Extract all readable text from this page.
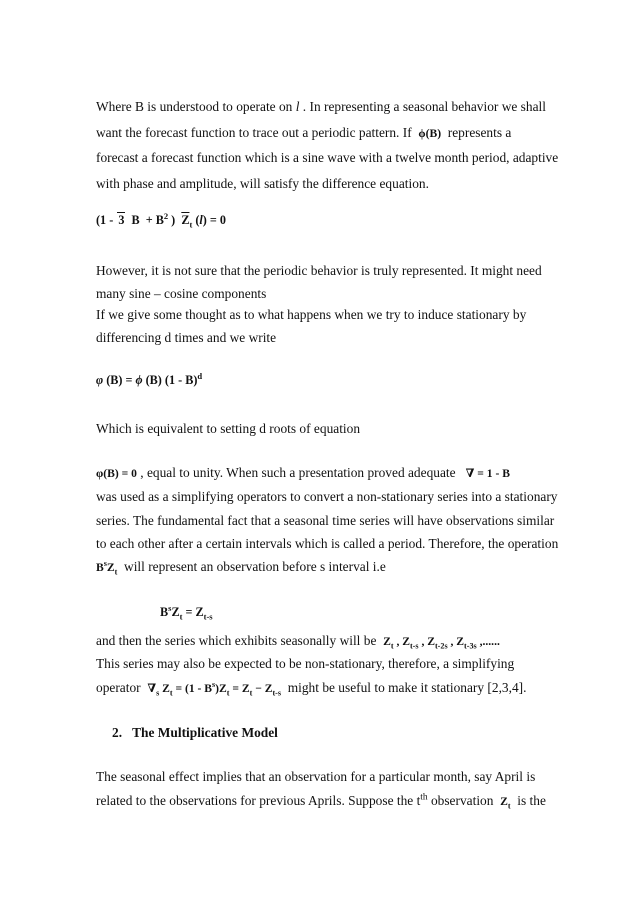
Where B is understood to operate on l . In representing a seasonal behavior we shall
want the forecast function to trace out a periodic pattern. If ϕ(B) represents a
forecast a forecast function which is a sine wave with a twelve month period, adaptive
with phase and amplitude, will satisfy the difference equation.
(1 - 3  $B + B^2$ )  $\overline{Z}_t$ (l) = 0
However, it is not sure that the periodic behavior is truly represented. It might need
many sine – cosine components
If we give some thought as to what happens when we try to induce stationary by
differencing d times and we write
φ (B) = ϕ (B) (1 - B)$^d$
Which is equivalent to setting d roots of equation
φ(B) = 0 , equal to unity. When such a presentation proved adequate ∇ = 1 - B
was used as a simplifying operators to convert a non-stationary series into a stationary
series. The fundamental fact that a seasonal time series will have observations similar
to each other after a certain intervals which is called a period. Therefore, the operation
$B^sZ_t$ will represent an observation before s interval i.e
$B^sZ_t = Z_{t-s}$
and then the series which exhibits seasonally will be $Z_t$ , $Z_{t-s}$ , $Z_{t-2s}$ , $Z_{t-3s}$ ,......
This series may also be expected to be non-stationary, therefore, a simplifying
operator $\nabla_s$ $Z_t = (1 - B^s)Z_t = Z_t - Z_{t-s}$ might be useful to make it stationary [2,3,4].
2. The Multiplicative Model
The seasonal effect implies that an observation for a particular month, say April is
related to the observations for previous Aprils. Suppose the $t^{th}$ observation $Z_t$ is the
